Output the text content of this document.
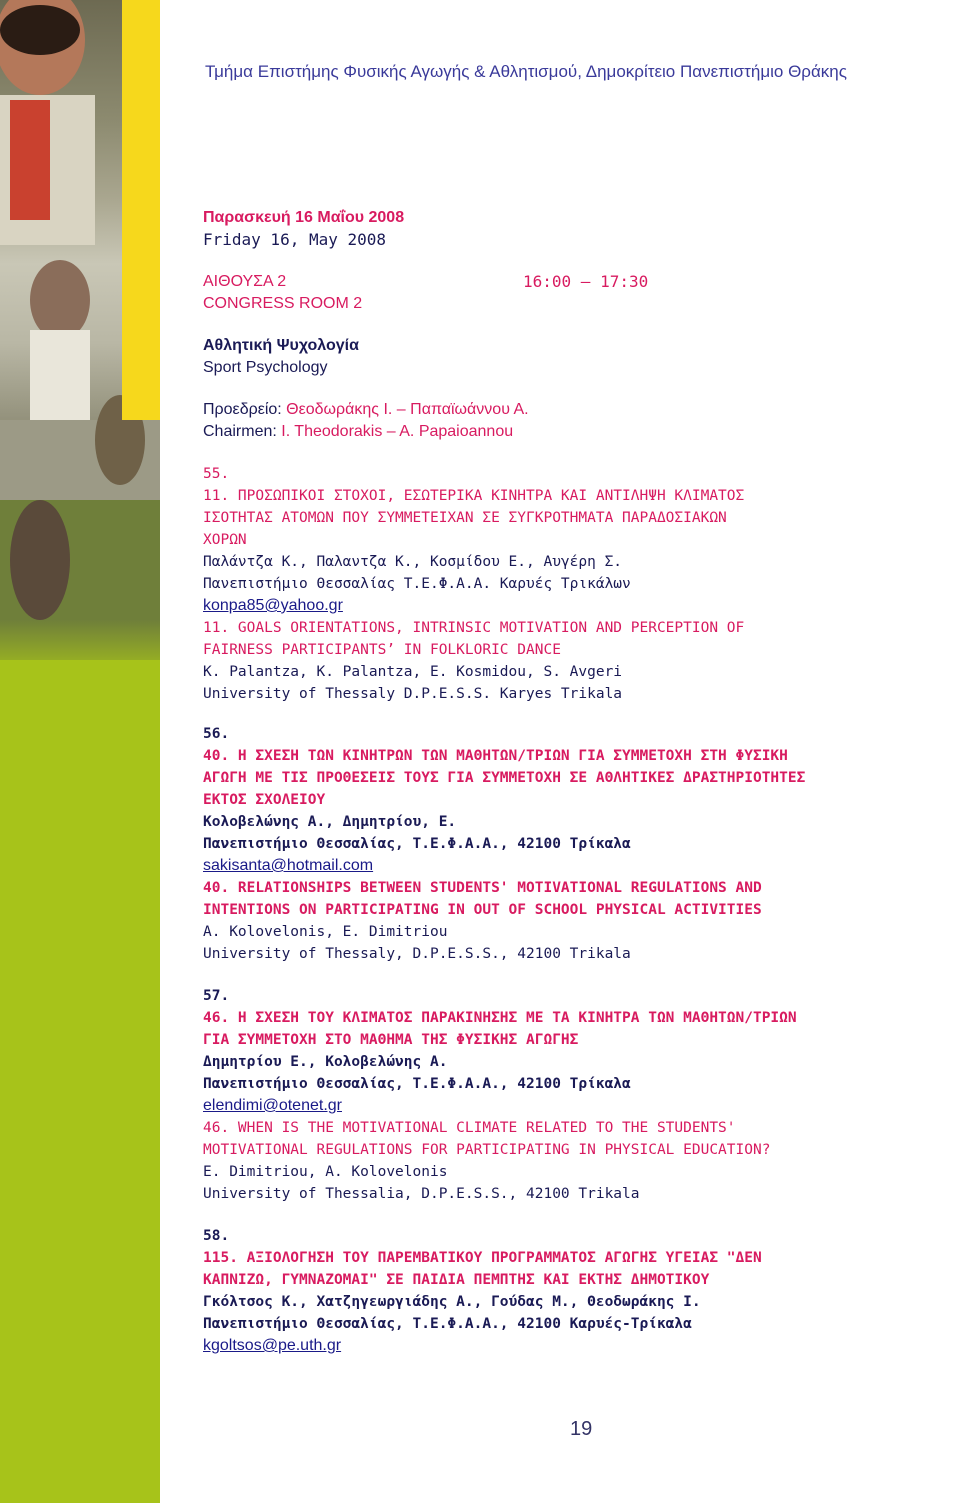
Τμήμα Επιστήμης Φυσικής Αγωγής & Αθλητισμού, Δημοκρίτειο Πανεπιστήμιο Θράκης
Παρασκευή 16 Μαΐου 2008
Friday 16, May 2008
ΑΙΘΟΥΣΑ 2	16:00 – 17:30
CONGRESS ROOM 2
Αθλητική Ψυχολογία
Sport Psychology
Προεδρείο: Θεοδωράκης Ι. – Παπαϊωάννου Α.
Chairmen: I. Theodorakis – A. Papaioannou
55.
11. ΠΡΟΣΩΠΙΚΟΙ ΣΤΟΧΟΙ, ΕΣΩΤΕΡΙΚΑ ΚΙΝΗΤΡΑ ΚΑΙ ΑΝΤΙΛΗΨΗ ΚΛΙΜΑΤΟΣ
ΙΣΟΤΗΤΑΣ ΑΤΟΜΩΝ ΠΟΥ ΣΥΜΜΕΤΕΙΧΑΝ ΣΕ ΣΥΓΚΡΟΤΗΜΑΤΑ ΠΑΡΑΔΟΣΙΑΚΩΝ
ΧΟΡΩΝ
Παλάντζα Κ., Παλαντζα Κ., Κοσμίδου Ε., Αυγέρη Σ.
Πανεπιστήμιο Θεσσαλίας Τ.Ε.Φ.Α.Α. Καρυές Τρικάλων
konpa85@yahoo.gr
11. GOALS ORIENTATIONS, INTRINSIC MOTIVATION AND PERCEPTION OF
FAIRNESS PARTICIPANTS’ IN FOLKLORIC DANCE
K. Palantza, K. Palantza, E. Kosmidou, S. Avgeri
University of Thessaly D.P.E.S.S. Karyes Trikala
56.
40. Η ΣΧΕΣΗ ΤΩΝ ΚΙΝΗΤΡΩΝ ΤΩΝ ΜΑΘΗΤΩΝ/ΤΡΙΩΝ ΓΙΑ ΣΥΜΜΕΤΟΧΗ ΣΤΗ ΦΥΣΙΚΗ
ΑΓΩΓΗ ΜΕ ΤΙΣ ΠΡΟΘΕΣΕΙΣ ΤΟΥΣ ΓΙΑ ΣΥΜΜΕΤΟΧΗ ΣΕ ΑΘΛΗΤΙΚΕΣ ΔΡΑΣΤΗΡΙΟΤΗΤΕΣ
ΕΚΤΟΣ ΣΧΟΛΕΙΟΥ
Κολοβελώνης Α., Δημητρίου, Ε.
Πανεπιστήμιο Θεσσαλίας, Τ.Ε.Φ.Α.Α., 42100 Τρίκαλα
sakisanta@hotmail.com
40. RELATIONSHIPS BETWEEN STUDENTS' MOTIVATIONAL REGULATIONS AND
INTENTIONS ON PARTICIPATING IN OUT OF SCHOOL PHYSICAL ACTIVITIES
A. Kolovelonis, E. Dimitriou
University of Thessaly, D.P.E.S.S., 42100 Trikala
57.
46. Η ΣΧΕΣΗ ΤΟΥ ΚΛΙΜΑΤΟΣ ΠΑΡΑΚΙΝΗΣΗΣ ΜΕ ΤΑ ΚΙΝΗΤΡΑ ΤΩΝ ΜΑΘΗΤΩΝ/ΤΡΙΩΝ
ΓΙΑ ΣΥΜΜΕΤΟΧΗ ΣΤΟ ΜΑΘΗΜΑ ΤΗΣ ΦΥΣΙΚΗΣ ΑΓΩΓΗΣ
Δημητρίου Ε., Κολοβελώνης Α.
Πανεπιστήμιο Θεσσαλίας, Τ.Ε.Φ.Α.Α., 42100 Τρίκαλα
elendimi@otenet.gr
46. WHEN IS THE MOTIVATIONAL CLIMATE RELATED TO THE STUDENTS'
MOTIVATIONAL REGULATIONS FOR PARTICIPATING IN PHYSICAL EDUCATION?
E. Dimitriou, A. Kolovelonis
University of Thessalia, D.P.E.S.S., 42100 Trikala
58.
115. ΑΞΙΟΛΟΓΗΣΗ ΤΟΥ ΠΑΡΕΜΒΑΤΙΚΟΥ ΠΡΟΓΡΑΜΜΑΤΟΣ ΑΓΩΓΗΣ ΥΓΕΙΑΣ "ΔΕΝ
ΚΑΠΝΙΖΩ, ΓΥΜΝΑΖΟΜΑΙ" ΣΕ ΠΑΙΔΙΑ ΠΕΜΠΤΗΣ ΚΑΙ ΕΚΤΗΣ ΔΗΜΟΤΙΚΟΥ
Γκόλτσος Κ., Χατζηγεωργιάδης Α., Γούδας Μ., Θεοδωράκης Ι.
Πανεπιστήμιο Θεσσαλίας, Τ.Ε.Φ.Α.Α., 42100 Καρυές-Τρίκαλα
kgoltsos@pe.uth.gr
19
